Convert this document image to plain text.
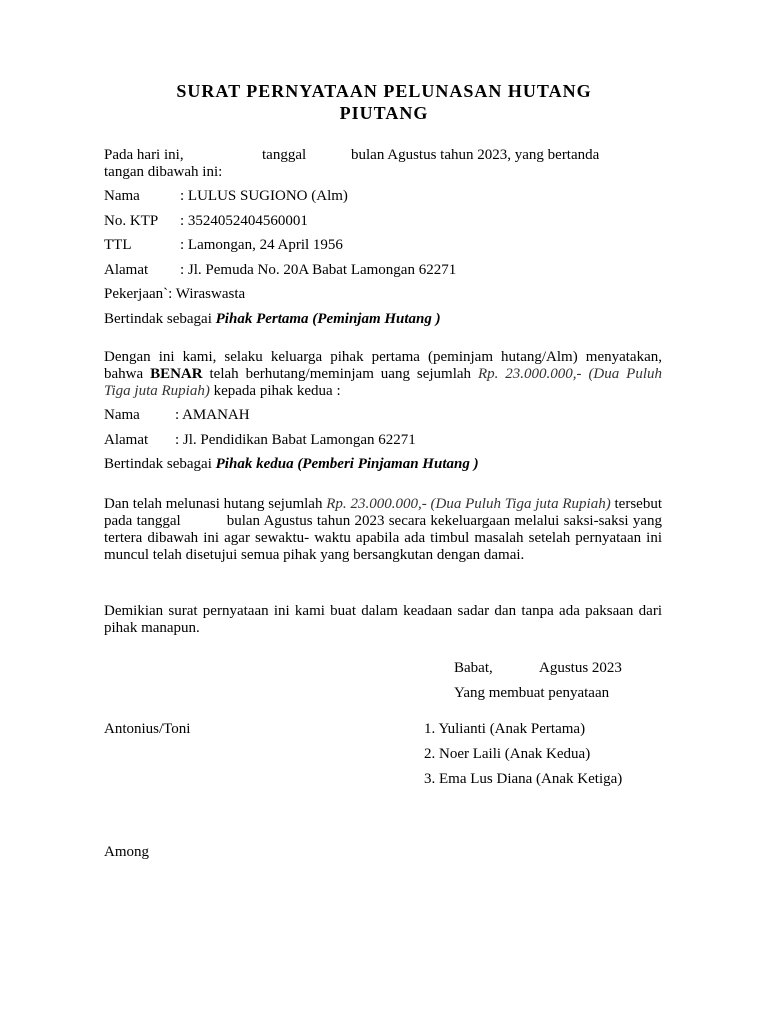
SURAT PERNYATAAN PELUNASAN HUTANG
PIUTANG
Pada hari ini,	tanggal	bulan Agustus tahun 2023, yang bertanda
tangan dibawah ini:
Nama	: LULUS SUGIONO (Alm)
No. KTP : 3524052404560001
TTL	: Lamongan, 24 April 1956
Alamat : Jl. Pemuda No. 20A Babat Lamongan 62271
Pekerjaan`: Wiraswasta
Bertindak sebagai Pihak Pertama (Peminjam Hutang )
Dengan ini kami, selaku keluarga pihak pertama (peminjam hutang/Alm) menyatakan, bahwa BENAR telah berhutang/meminjam uang sejumlah Rp. 23.000.000,- (Dua Puluh Tiga juta Rupiah) kepada pihak kedua :
Nama : AMANAH
Alamat : Jl. Pendidikan Babat Lamongan 62271
Bertindak sebagai Pihak kedua (Pemberi Pinjaman Hutang )
Dan telah melunasi hutang sejumlah Rp. 23.000.000,- (Dua Puluh Tiga juta Rupiah) tersebut pada tanggal	bulan Agustus tahun 2023 secara kekeluargaan melalui saksi-saksi yang tertera dibawah ini agar sewaktu- waktu apabila ada timbul masalah setelah pernyataan ini muncul telah disetujui semua pihak yang bersangkutan dengan damai.
Demikian surat pernyataan ini kami buat dalam keadaan sadar dan tanpa ada paksaan dari pihak manapun.
Babat,	Agustus 2023
Yang membuat penyataan
Antonius/Toni	1. Yulianti (Anak Pertama)
2. Noer Laili (Anak Kedua)
3. Ema Lus Diana (Anak Ketiga)
Among
